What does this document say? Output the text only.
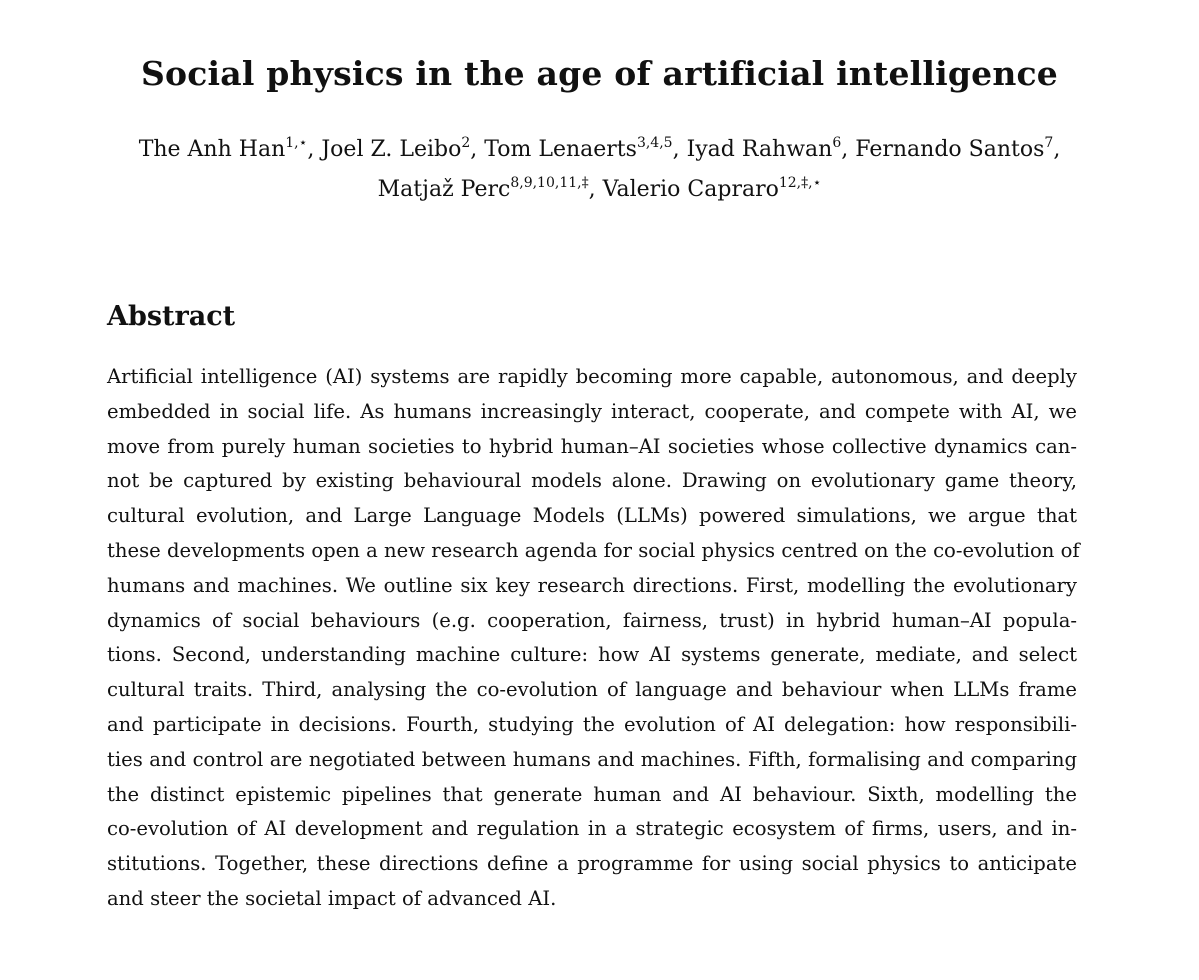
Social physics in the age of artificial intelligence
The Anh Han$^{1,⋆}$, Joel Z. Leibo$^2$, Tom Lenaerts$^{3,4,5}$, Iyad Rahwan$^6$, Fernando Santos$^7$,
Matjaž Perc$^{8,9,10,11,\ddagger}$, Valerio Capraro$^{12,\ddagger,⋆}$
Abstract
Artificial intelligence (AI) systems are rapidly becoming more capable, autonomous, and deeply
embedded in social life. As humans increasingly interact, cooperate, and compete with AI, we
move from purely human societies to hybrid human–AI societies whose collective dynamics can-
not be captured by existing behavioural models alone. Drawing on evolutionary game theory,
cultural evolution, and Large Language Models (LLMs) powered simulations, we argue that
these developments open a new research agenda for social physics centred on the co-evolution of
humans and machines. We outline six key research directions. First, modelling the evolutionary
dynamics of social behaviours (e.g. cooperation, fairness, trust) in hybrid human–AI popula-
tions. Second, understanding machine culture: how AI systems generate, mediate, and select
cultural traits. Third, analysing the co-evolution of language and behaviour when LLMs frame
and participate in decisions. Fourth, studying the evolution of AI delegation: how responsibili-
ties and control are negotiated between humans and machines. Fifth, formalising and comparing
the distinct epistemic pipelines that generate human and AI behaviour. Sixth, modelling the
co-evolution of AI development and regulation in a strategic ecosystem of firms, users, and in-
stitutions. Together, these directions define a programme for using social physics to anticipate
and steer the societal impact of advanced AI.
